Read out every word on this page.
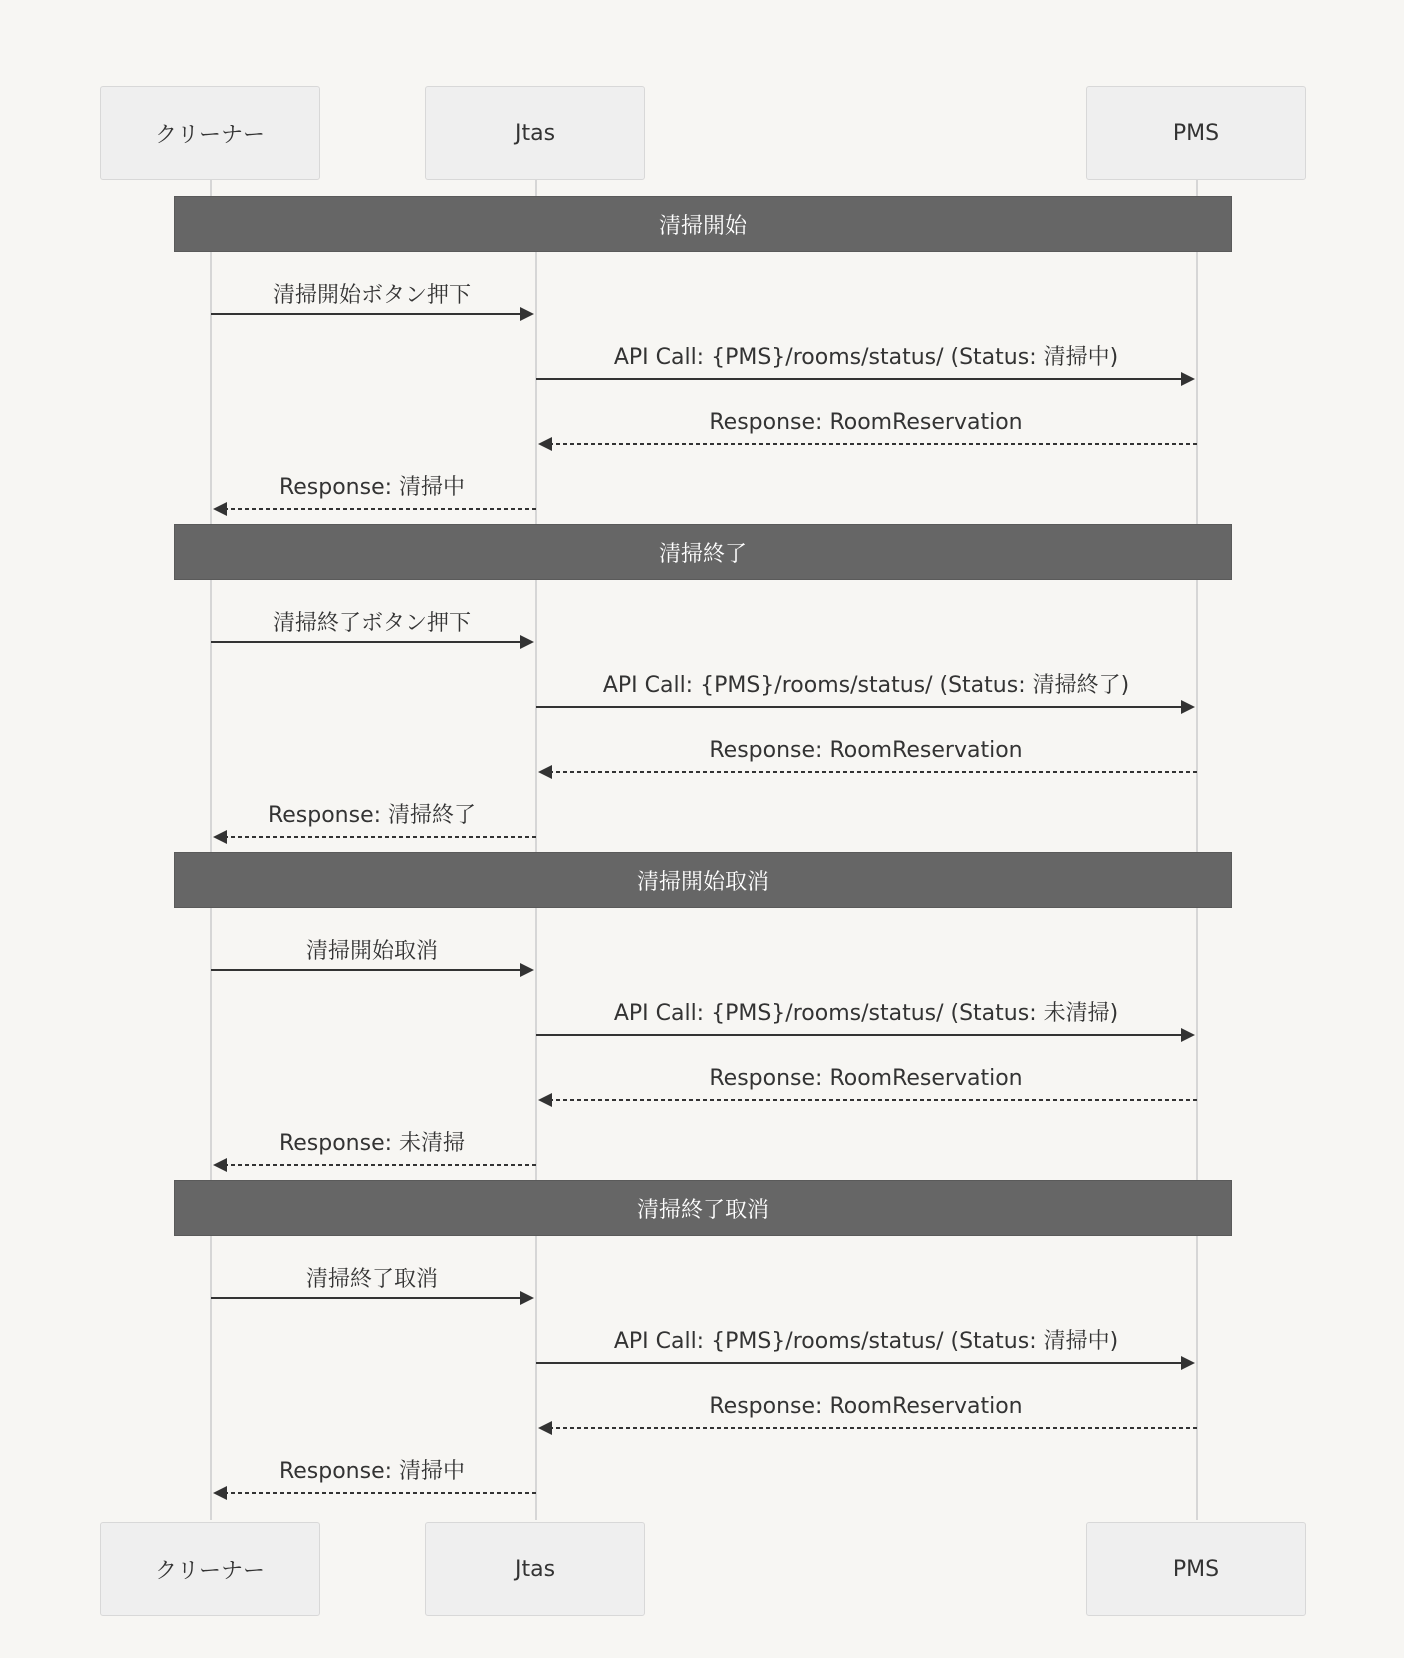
クリーナー	Jtas	PMS
清掃開始
清掃終了
清掃開始取消
清掃終了取消
清掃開始ボタン押下
API Call: {PMS}/rooms/status/ (Status: 清掃中)
Response: RoomReservation
Response: 清掃中
清掃終了ボタン押下
API Call: {PMS}/rooms/status/ (Status: 清掃終了)
Response: RoomReservation
Response: 清掃終了
清掃開始取消
API Call: {PMS}/rooms/status/ (Status: 未清掃)
Response: RoomReservation
Response: 未清掃
清掃終了取消
API Call: {PMS}/rooms/status/ (Status: 清掃中)
Response: RoomReservation
Response: 清掃中
クリーナー	Jtas	PMS
